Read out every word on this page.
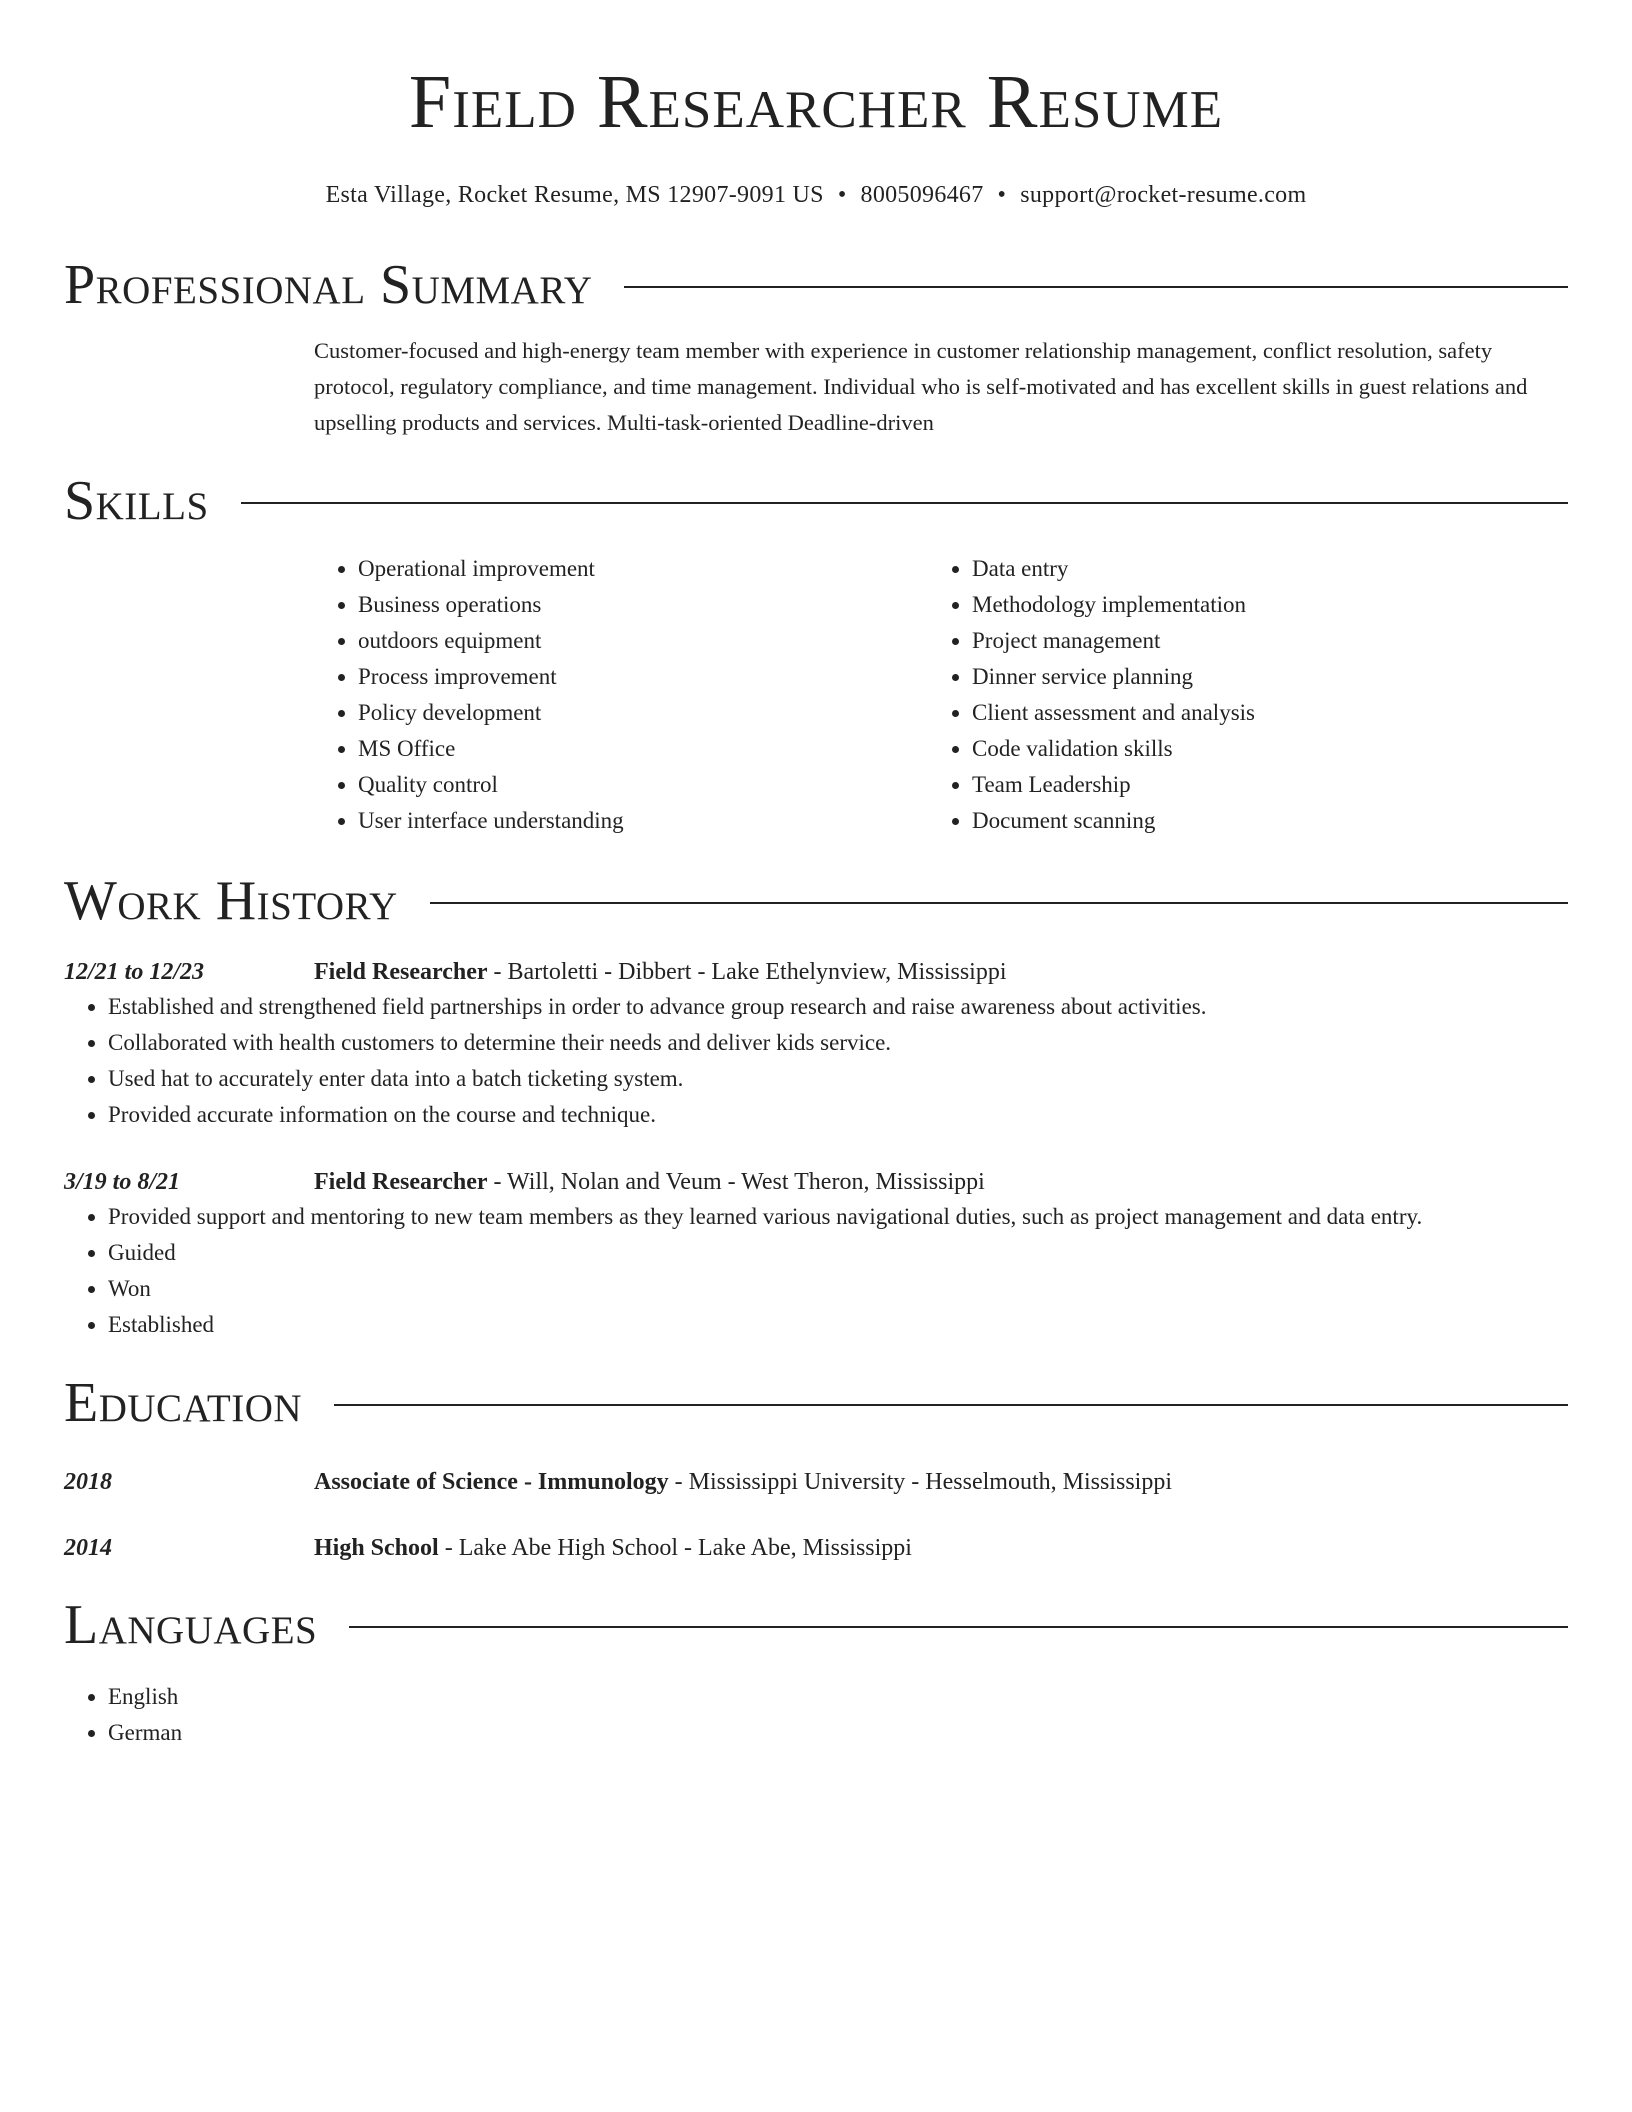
Field Researcher Resume
Esta Village, Rocket Resume, MS 12907-9091 US • 8005096467 • support@rocket-resume.com
Professional Summary
Customer-focused and high-energy team member with experience in customer relationship management, conflict resolution, safety protocol, regulatory compliance, and time management. Individual who is self-motivated and has excellent skills in guest relations and upselling products and services. Multi-task-oriented Deadline-driven
Skills
• Operational improvement
• Business operations
• outdoors equipment
• Process improvement
• Policy development
• MS Office
• Quality control
• User interface understanding
• Data entry
• Methodology implementation
• Project management
• Dinner service planning
• Client assessment and analysis
• Code validation skills
• Team Leadership
• Document scanning
Work History
12/21 to 12/23	Field Researcher - Bartoletti - Dibbert - Lake Ethelynview, Mississippi
• Established and strengthened field partnerships in order to advance group research and raise awareness about activities.
• Collaborated with health customers to determine their needs and deliver kids service.
• Used hat to accurately enter data into a batch ticketing system.
• Provided accurate information on the course and technique.
3/19 to 8/21	Field Researcher - Will, Nolan and Veum - West Theron, Mississippi
• Provided support and mentoring to new team members as they learned various navigational duties, such as project management and data entry.
• Guided
• Won
• Established
Education
2018	Associate of Science - Immunology - Mississippi University - Hesselmouth, Mississippi
2014	High School - Lake Abe High School - Lake Abe, Mississippi
Languages
• English
• German
